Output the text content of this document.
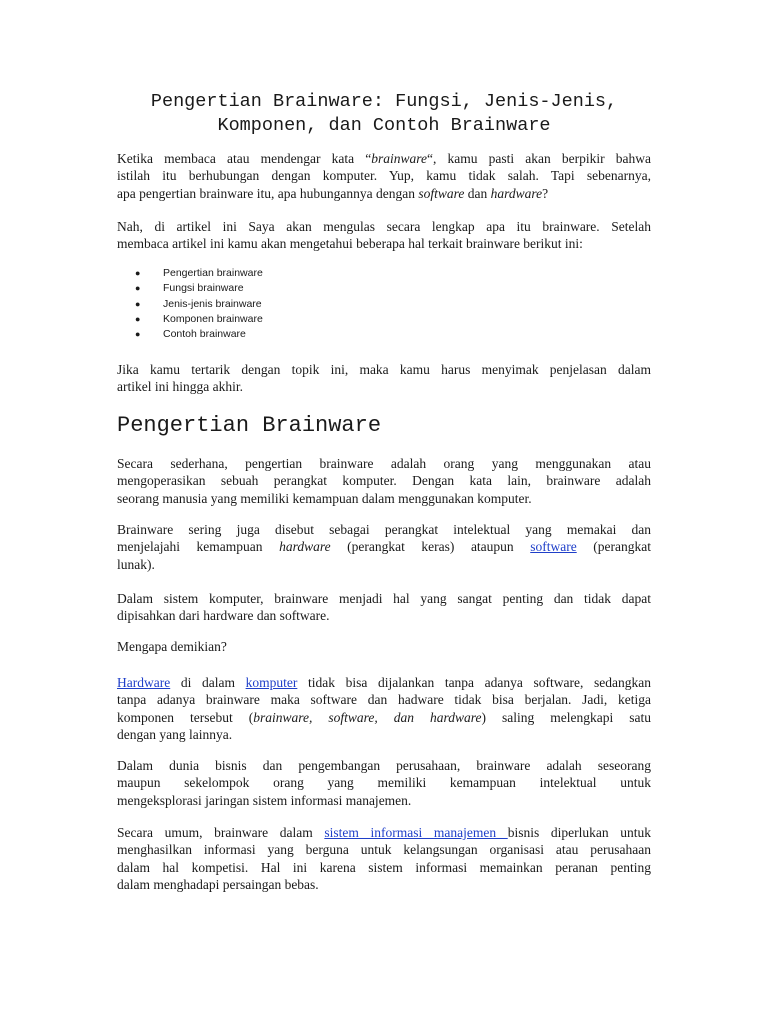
Pengertian Brainware: Fungsi, Jenis-Jenis,
Komponen, dan Contoh Brainware

Ketika membaca atau mendengar kata “brainware“, kamu pasti akan berpikir bahwa
istilah itu berhubungan dengan komputer. Yup, kamu tidak salah. Tapi sebenarnya,
apa pengertian brainware itu, apa hubungannya dengan software dan hardware?

Nah, di artikel ini Saya akan mengulas secara lengkap apa itu brainware. Setelah
membaca artikel ini kamu akan mengetahui beberapa hal terkait brainware berikut ini:

● Pengertian brainware
● Fungsi brainware
● Jenis-jenis brainware
● Komponen brainware
● Contoh brainware

Jika kamu tertarik dengan topik ini, maka kamu harus menyimak penjelasan dalam
artikel ini hingga akhir.

Pengertian Brainware

Secara sederhana, pengertian brainware adalah orang yang menggunakan atau
mengoperasikan sebuah perangkat komputer. Dengan kata lain, brainware adalah
seorang manusia yang memiliki kemampuan dalam menggunakan komputer.

Brainware sering juga disebut sebagai perangkat intelektual yang memakai dan
menjelajahi kemampuan hardware (perangkat keras) ataupun software (perangkat
lunak).

Dalam sistem komputer, brainware menjadi hal yang sangat penting dan tidak dapat
dipisahkan dari hardware dan software.

Mengapa demikian?

Hardware di dalam komputer tidak bisa dijalankan tanpa adanya software, sedangkan
tanpa adanya brainware maka software dan hadware tidak bisa berjalan. Jadi, ketiga
komponen tersebut (brainware, software, dan hardware) saling melengkapi satu
dengan yang lainnya.

Dalam dunia bisnis dan pengembangan perusahaan, brainware adalah seseorang
maupun sekelompok orang yang memiliki kemampuan intelektual untuk
mengeksplorasi jaringan sistem informasi manajemen.

Secara umum, brainware dalam sistem informasi manajemen bisnis diperlukan untuk
menghasilkan informasi yang berguna untuk kelangsungan organisasi atau perusahaan
dalam hal kompetisi. Hal ini karena sistem informasi memainkan peranan penting
dalam menghadapi persaingan bebas.
